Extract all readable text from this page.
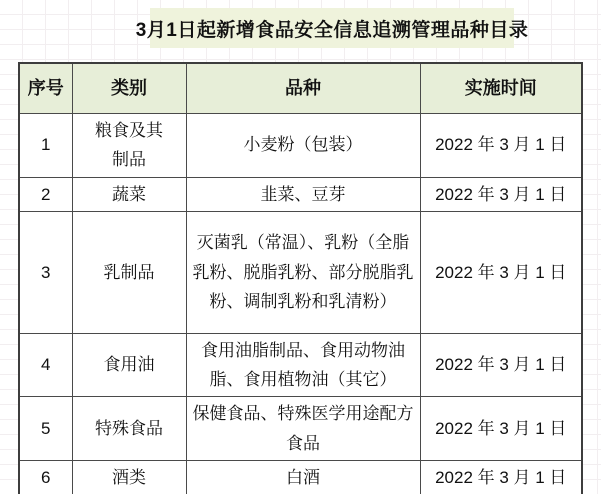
3月1日起新增食品安全信息追溯管理品种目录
序号	类别	品种	实施时间
1	粮食及其制品	小麦粉（包装）	2022 年 3 月 1 日
2	蔬菜	韭菜、豆芽	2022 年 3 月 1 日
3	乳制品	灭菌乳（常温）、乳粉（全脂乳粉、脱脂乳粉、部分脱脂乳粉、调制乳粉和乳清粉）	2022 年 3 月 1 日
4	食用油	食用油脂制品、食用动物油脂、食用植物油（其它）	2022 年 3 月 1 日
5	特殊食品	保健食品、特殊医学用途配方食品	2022 年 3 月 1 日
6	酒类	白酒	2022 年 3 月 1 日
